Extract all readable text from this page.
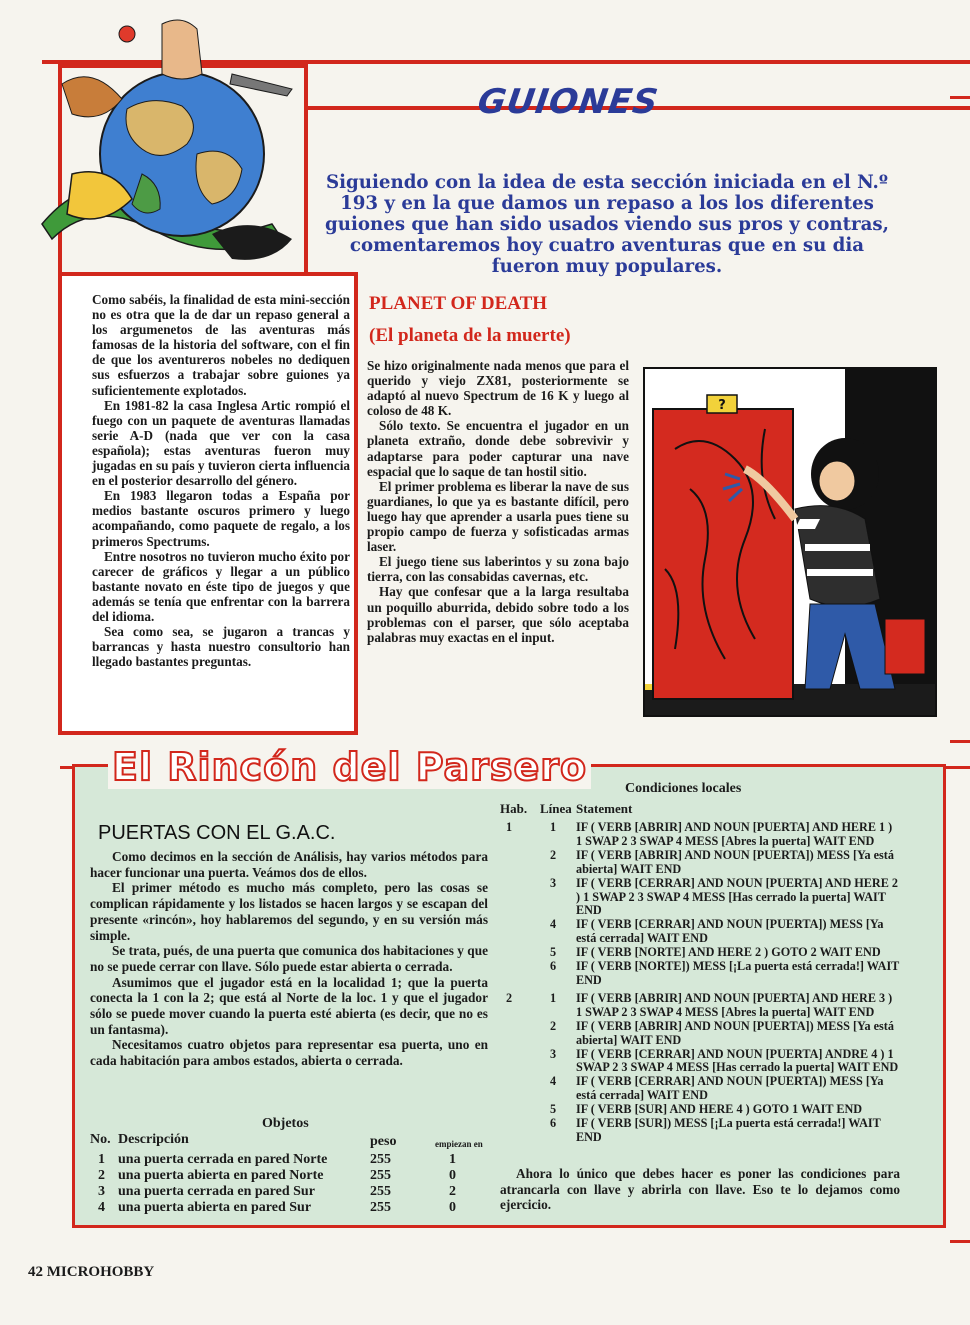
GUIONES
Siguiendo con la idea de esta sección iniciada en el N.º 193 y en la que damos un repaso a los los diferentes guiones que han sido usados viendo sus pros y contras, comentaremos hoy cuatro aventuras que en su dia fueron muy populares.

Como sabéis, la finalidad de esta mini-sección no es otra que la de dar un repaso general a los argumenetos de las aventuras más famosas de la historia del software, con el fin de que los aventureros nobeles no dediquen sus esfuerzos a trabajar sobre guiones ya suficientemente explotados.

En 1981-82 la casa Inglesa Artic rompió el fuego con un paquete de aventuras llamadas serie A-D (nada que ver con la casa española); estas aventuras fueron muy jugadas en su país y tuvieron cierta influencia en el posterior desarrollo del género.

En 1983 llegaron todas a España por medios bastante oscuros primero y luego acompañando, como paquete de regalo, a los primeros Spectrums.

Entre nosotros no tuvieron mucho éxito por carecer de gráficos y llegar a un público bastante novato en éste tipo de juegos y que además se tenía que enfrentar con la barrera del idioma.

Sea como sea, se jugaron a trancas y barrancas y hasta nuestro consultorio han llegado bastantes preguntas.

PLANET OF DEATH
(El planeta de la muerte)

Se hizo originalmente nada menos que para el querido y viejo ZX81, posteriormente se adaptó al nuevo Spectrum de 16 K y luego al coloso de 48 K.

Sólo texto. Se encuentra el jugador en un planeta extraño, donde debe sobrevivir y adaptarse para poder capturar una nave espacial que lo saque de tan hostil sitio.

El primer problema es liberar la nave de sus guardianes, lo que ya es bastante difícil, pero luego hay que aprender a usarla pues tiene su propio campo de fuerza y sofisticadas armas laser.

El juego tiene sus laberintos y su zona bajo tierra, con las consabidas cavernas, etc.

Hay que confesar que a la larga resultaba un poquillo aburrida, debido sobre todo a los problemas con el parser, que sólo aceptaba palabras muy exactas en el input.

?
El Rincón del Parsero
PUERTAS CON EL G.A.C.

Como decimos en la sección de Análisis, hay varios métodos para hacer funcionar una puerta. Veámos dos de ellos.

El primer método es mucho más completo, pero las cosas se complican rápidamente y los listados se hacen largos y se escapan del presente «rincón», hoy hablaremos del segundo, y en su versión más simple.

Se trata, pués, de una puerta que comunica dos habitaciones y que no se puede cerrar con llave. Sólo puede estar abierta o cerrada.

Asumimos que el jugador está en la localidad 1; que la puerta conecta la 1 con la 2; que está al Norte de la loc. 1 y que el jugador sólo se puede mover cuando la puerta esté abierta (es decir, que no es un fantasma).

Necesitamos cuatro objetos para representar esa puerta, uno en cada habitación para ambos estados, abierta o cerrada.

Objetos
No.	Descripción	peso	empiezan en
1	una puerta cerrada en pared Norte	255	1
2	una puerta abierta en pared Norte	255	0
3	una puerta cerrada en pared Sur	255	2
4	una puerta abierta en pared Sur	255	0
Condiciones locales
Hab. Línea Statement
1	1 IF ( VERB [ABRIR] AND NOUN [PUERTA] AND HERE 1 ) 1 SWAP 2 3 SWAP 4 MESS [Abres la puerta] WAIT END
2 IF ( VERB [ABRIR] AND NOUN [PUERTA]) MESS [Ya está abierta] WAIT END
3 IF ( VERB [CERRAR] AND NOUN [PUERTA] AND HERE 2 ) 1 SWAP 2 3 SWAP 4 MESS [Has cerrado la puerta] WAIT END
4 IF ( VERB [CERRAR] AND NOUN [PUERTA]) MESS [Ya está cerrada] WAIT END
5 IF ( VERB [NORTE] AND HERE 2 ) GOTO 2 WAIT END
6 IF ( VERB [NORTE]) MESS [¡La puerta está cerrada!] WAIT END
2	1 IF ( VERB [ABRIR] AND NOUN [PUERTA] AND HERE 3 ) 1 SWAP 2 3 SWAP 4 MESS [Abres la puerta] WAIT END
2 IF ( VERB [ABRIR] AND NOUN [PUERTA]) MESS [Ya está abierta] WAIT END
3 IF ( VERB [CERRAR] AND NOUN [PUERTA] ANDRE 4 ) 1 SWAP 2 3 SWAP 4 MESS [Has cerrado la puerta] WAIT END
4 IF ( VERB [CERRAR] AND NOUN [PUERTA]) MESS [Ya está cerrada] WAIT END
5 IF ( VERB [SUR] AND HERE 4 ) GOTO 1 WAIT END
6 IF ( VERB [SUR]) MESS [¡La puerta está cerrada!] WAIT END
Ahora lo único que debes hacer es poner las condiciones para atrancarla con llave y abrirla con llave. Eso te lo dejamos como ejercicio.
42 MICROHOBBY
